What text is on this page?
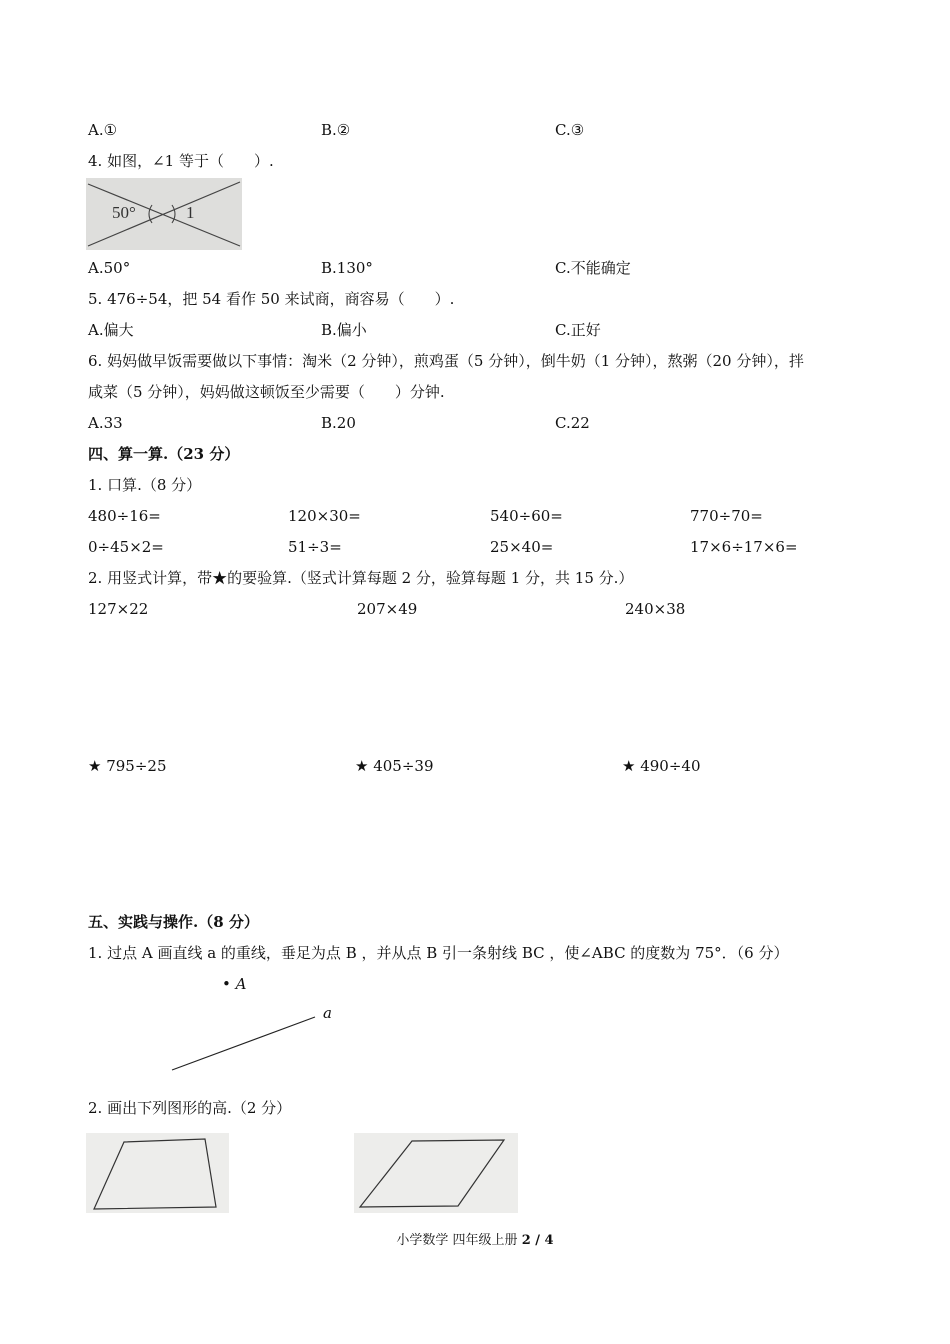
A.①	B.②	C.③
4. 如图，∠1 等于（　　）.
50°	1
A.50°	B.130°	C.不能确定
5. 476÷54，把 54 看作 50 来试商，商容易（　　）.
A.偏大	B.偏小	C.正好
6. 妈妈做早饭需要做以下事情：淘米（2 分钟），煎鸡蛋（5 分钟），倒牛奶（1 分钟），熬粥（20 分钟），拌
咸菜（5 分钟），妈妈做这顿饭至少需要（　　）分钟.
A.33	B.20	C.22
四、算一算.（23 分）
1. 口算.（8 分）
480÷16=	120×30=	540÷60=	770÷70=
0÷45×2=	51÷3=	25×40=	17×6÷17×6=
2. 用竖式计算，带★的要验算.（竖式计算每题 2 分，验算每题 1 分，共 15 分.）
127×22	207×49	240×38
★ 795÷25	★ 405÷39	★ 490÷40
五、实践与操作.（8 分）
1. 过点 A 画直线 a 的重线，垂足为点 B ，并从点 B 引一条射线 BC ，使∠ABC 的度数为 75°．（6 分）
• A
a
2. 画出下列图形的高.（2 分）
小学数学 四年级上册 2 / 4
